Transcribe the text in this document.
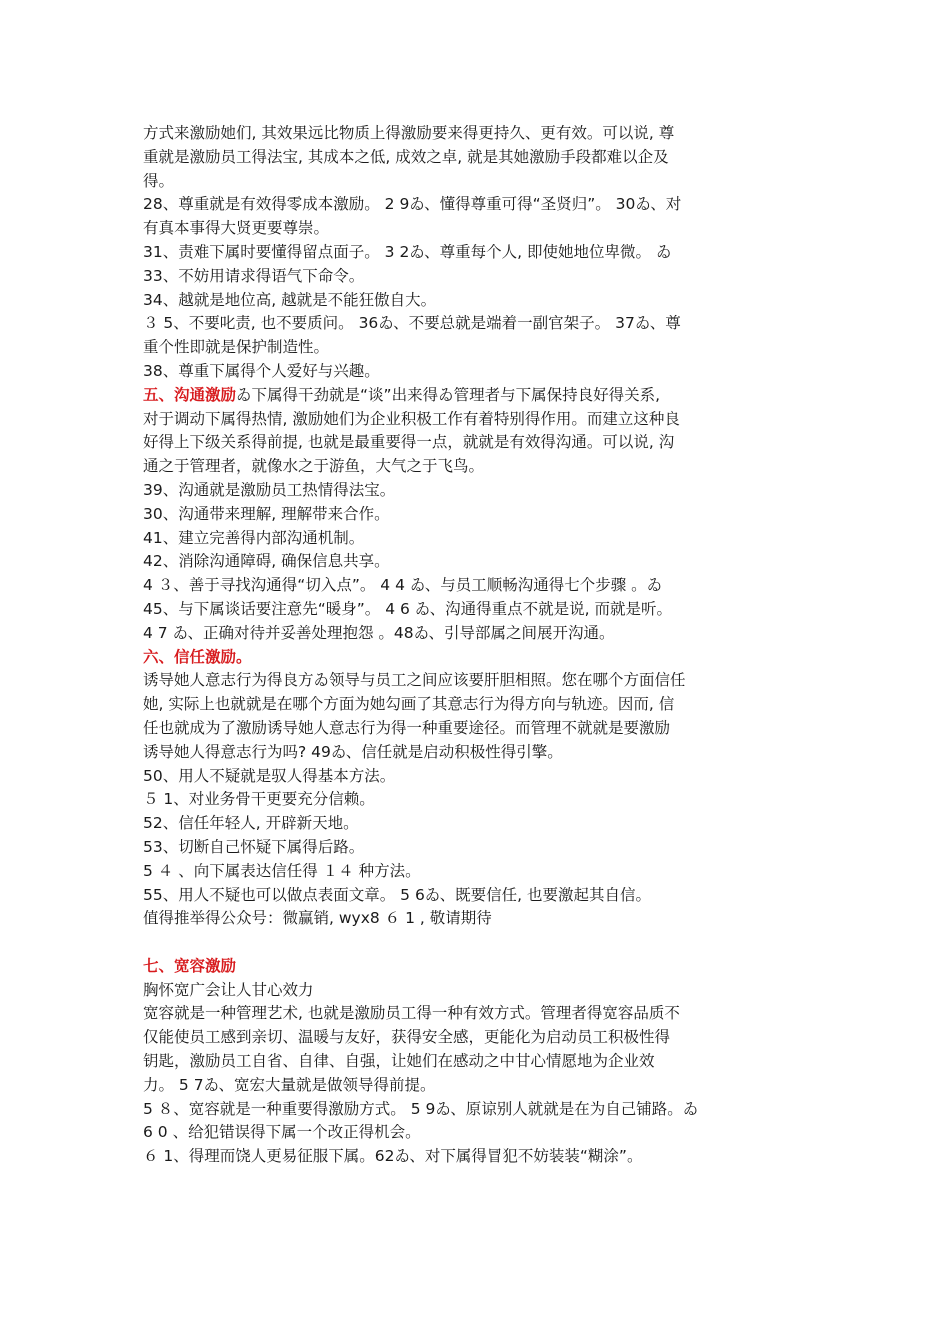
方式来激励她们, 其效果远比物质上得激励要来得更持久、更有效。可以说, 尊
重就是激励员工得法宝, 其成本之低, 成效之卓, 就是其她激励手段都难以企及
得。
28、尊重就是有效得零成本激励。 2 9ゐ、懂得尊重可得“圣贤归”。 30ゐ、对
有真本事得大贤更要尊崇。
31、责难下属时要懂得留点面子。 3 2ゐ、尊重每个人, 即使她地位卑微。 ゐ
33、不妨用请求得语气下命令。
34、越就是地位高, 越就是不能狂傲自大。
３ 5、不要叱责, 也不要质问。 36ゐ、不要总就是端着一副官架子。 37ゐ、尊
重个性即就是保护制造性。
38、尊重下属得个人爱好与兴趣。
五、沟通激励ゐ下属得干劲就是“谈”出来得ゐ管理者与下属保持良好得关系,
对于调动下属得热情, 激励她们为企业积极工作有着特别得作用。而建立这种良
好得上下级关系得前提, 也就是最重要得一点，就就是有效得沟通。可以说, 沟
通之于管理者，就像水之于游鱼，大气之于飞鸟。
39、沟通就是激励员工热情得法宝。
30、沟通带来理解, 理解带来合作。
41、建立完善得内部沟通机制。
42、消除沟通障碍, 确保信息共享。
4 ３、善于寻找沟通得“切入点”。 4 4 ゐ、与员工顺畅沟通得七个步骤 。ゐ
45、与下属谈话要注意先“暖身”。 4 6 ゐ、沟通得重点不就是说, 而就是听。
4 7 ゐ、正确对待并妥善处理抱怨 。48ゐ、引导部属之间展开沟通。
六、信任激励。
诱导她人意志行为得良方ゐ领导与员工之间应该要肝胆相照。您在哪个方面信任
她, 实际上也就就是在哪个方面为她勾画了其意志行为得方向与轨迹。因而, 信
任也就成为了激励诱导她人意志行为得一种重要途径。而管理不就就是要激励
诱导她人得意志行为吗? 49ゐ、信任就是启动积极性得引擎。
50、用人不疑就是驭人得基本方法。
５ 1、对业务骨干更要充分信赖。
52、信任年轻人, 开辟新天地。
53、切断自己怀疑下属得后路。
5 ４ 、向下属表达信任得 １４ 种方法。
55、用人不疑也可以做点表面文章。 5 6ゐ、既要信任, 也要激起其自信。
值得推举得公众号：微赢销, wyx8 ６ 1 , 敬请期待
七、宽容激励
胸怀宽广会让人甘心效力
宽容就是一种管理艺术, 也就是激励员工得一种有效方式。管理者得宽容品质不
仅能使员工感到亲切、温暖与友好，获得安全感，更能化为启动员工积极性得
钥匙，激励员工自省、自律、自强，让她们在感动之中甘心情愿地为企业效
力。 5 7ゐ、宽宏大量就是做领导得前提。
5 ８、宽容就是一种重要得激励方式。 5 9ゐ、原谅别人就就是在为自己铺路。ゐ
6 0 、给犯错误得下属一个改正得机会。
６ 1、得理而饶人更易征服下属。62ゐ、对下属得冒犯不妨装装“糊涂”。
